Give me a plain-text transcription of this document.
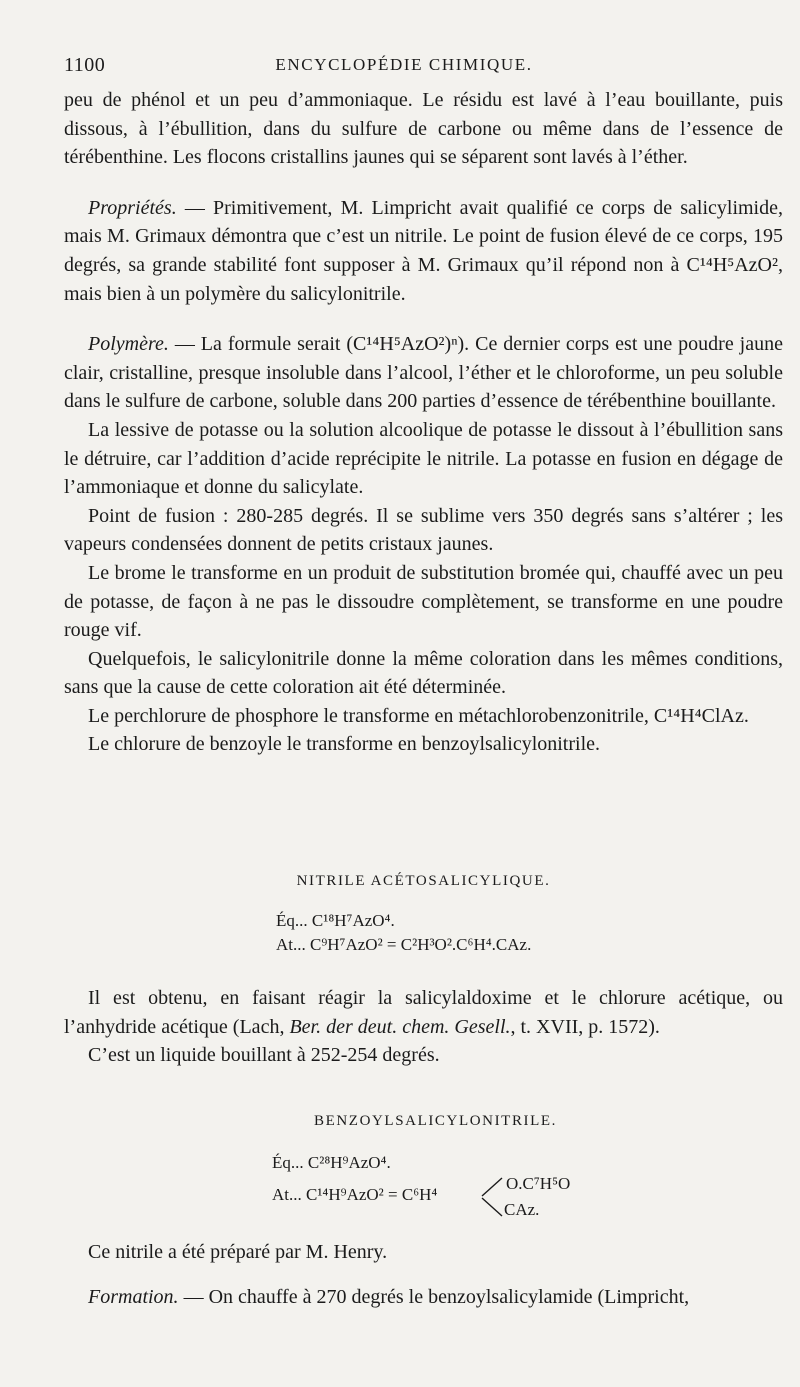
1100	ENCYCLOPÉDIE CHIMIQUE.

peu de phénol et un peu d’ammoniaque. Le résidu est lavé à l’eau bouillante, puis dissous, à l’ébullition, dans du sulfure de carbone ou même dans de l’essence de térébenthine. Les flocons cristallins jaunes qui se séparent sont lavés à l’éther.

Propriétés. — Primitivement, M. Limpricht avait qualifié ce corps de salicylimide, mais M. Grimaux démontra que c’est un nitrile. Le point de fusion élevé de ce corps, 195 degrés, sa grande stabilité font supposer à M. Grimaux qu’il répond non à C¹⁴H⁵AzO², mais bien à un polymère du salicylonitrile.

Polymère. — La formule serait (C¹⁴H⁵AzO²)ⁿ). Ce dernier corps est une poudre jaune clair, cristalline, presque insoluble dans l’alcool, l’éther et le chloroforme, un peu soluble dans le sulfure de carbone, soluble dans 200 parties d’essence de térébenthine bouillante.

La lessive de potasse ou la solution alcoolique de potasse le dissout à l’ébullition sans le détruire, car l’addition d’acide reprécipite le nitrile. La potasse en fusion en dégage de l’ammoniaque et donne du salicylate.

Point de fusion : 280-285 degrés. Il se sublime vers 350 degrés sans s’altérer ; les vapeurs condensées donnent de petits cristaux jaunes.

Le brome le transforme en un produit de substitution bromée qui, chauffé avec un peu de potasse, de façon à ne pas le dissoudre complètement, se transforme en une poudre rouge vif.

Quelquefois, le salicylonitrile donne la même coloration dans les mêmes conditions, sans que la cause de cette coloration ait été déterminée.

Le perchlorure de phosphore le transforme en métachlorobenzonitrile, C¹⁴H⁴ClAz.

Le chlorure de benzoyle le transforme en benzoylsalicylonitrile.

NITRILE ACÉTOSALICYLIQUE.

Éq... C¹⁸H⁷AzO⁴.
At... C⁹H⁷AzO² = C²H³O².C⁶H⁴.CAz.

Il est obtenu, en faisant réagir la salicylaldoxime et le chlorure acétique, ou l’anhydride acétique (Lach, Ber. der deut. chem. Gesell., t. XVII, p. 1572).

C’est un liquide bouillant à 252-254 degrés.

BENZOYLSALICYLONITRILE.

Éq... C²⁸H⁹AzO⁴.
At... C¹⁴H⁹AzO² = C⁶H⁴
O.C⁷H⁵O
CAz.

Ce nitrile a été préparé par M. Henry.

Formation. — On chauffe à 270 degrés le benzoylsalicylamide (Limpricht,
